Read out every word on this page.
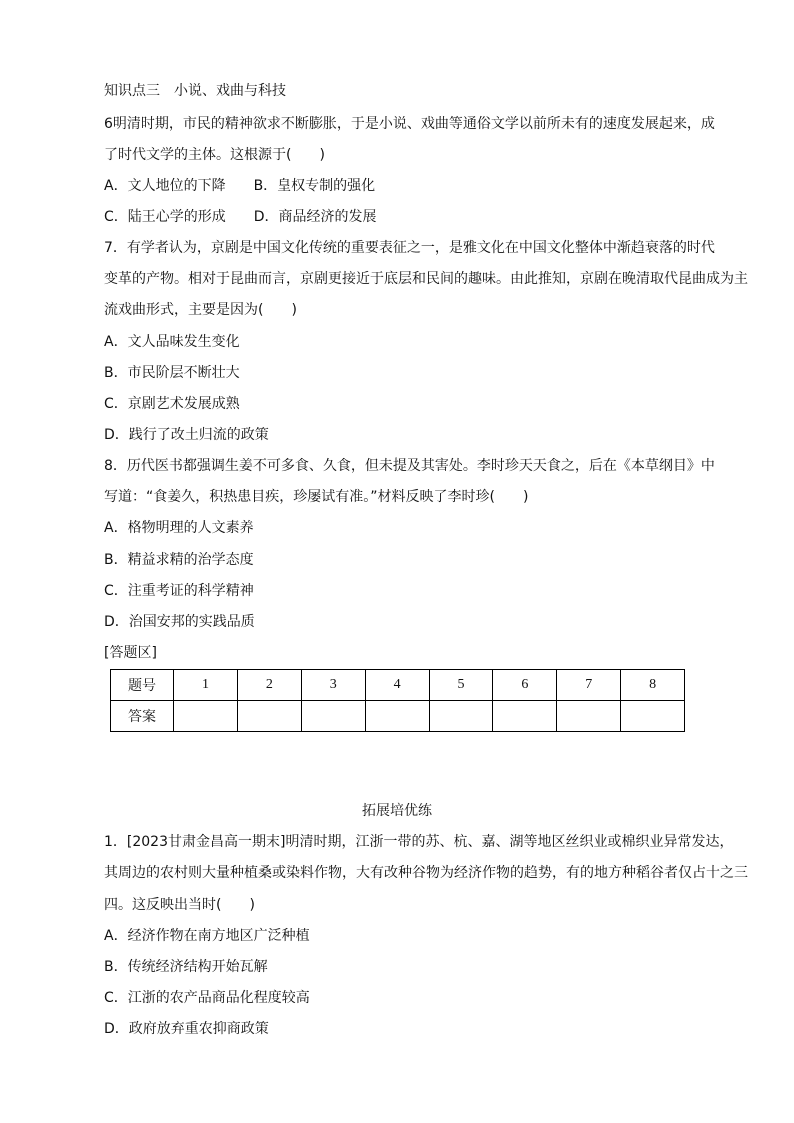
知识点三　小说、戏曲与科技
6明清时期，市民的精神欲求不断膨胀，于是小说、戏曲等通俗文学以前所未有的速度发展起来，成
了时代文学的主体。这根源于(　　)
A．文人地位的下降　　B．皇权专制的强化
C．陆王心学的形成　　D．商品经济的发展
7．有学者认为，京剧是中国文化传统的重要表征之一，是雅文化在中国文化整体中渐趋衰落的时代
变革的产物。相对于昆曲而言，京剧更接近于底层和民间的趣味。由此推知，京剧在晚清取代昆曲成为主
流戏曲形式，主要是因为(　　)
A．文人品味发生变化
B．市民阶层不断壮大
C．京剧艺术发展成熟
D．践行了改土归流的政策
8．历代医书都强调生姜不可多食、久食，但未提及其害处。李时珍天天食之，后在《本草纲目》中
写道：“食姜久，积热患目疾，珍屡试有准。”材料反映了李时珍(　　)
A．格物明理的人文素养
B．精益求精的治学态度
C．注重考证的科学精神
D．治国安邦的实践品质
[答题区]
题号	1	2	3	4	5	6	7	8
答案								
拓展培优练
1．[2023甘肃金昌高一期末]明清时期，江浙一带的苏、杭、嘉、湖等地区丝织业或棉织业异常发达，
其周边的农村则大量种植桑或染料作物，大有改种谷物为经济作物的趋势，有的地方种稻谷者仅占十之三
四。这反映出当时(　　)
A．经济作物在南方地区广泛种植
B．传统经济结构开始瓦解
C．江浙的农产品商品化程度较高
D．政府放弃重农抑商政策
